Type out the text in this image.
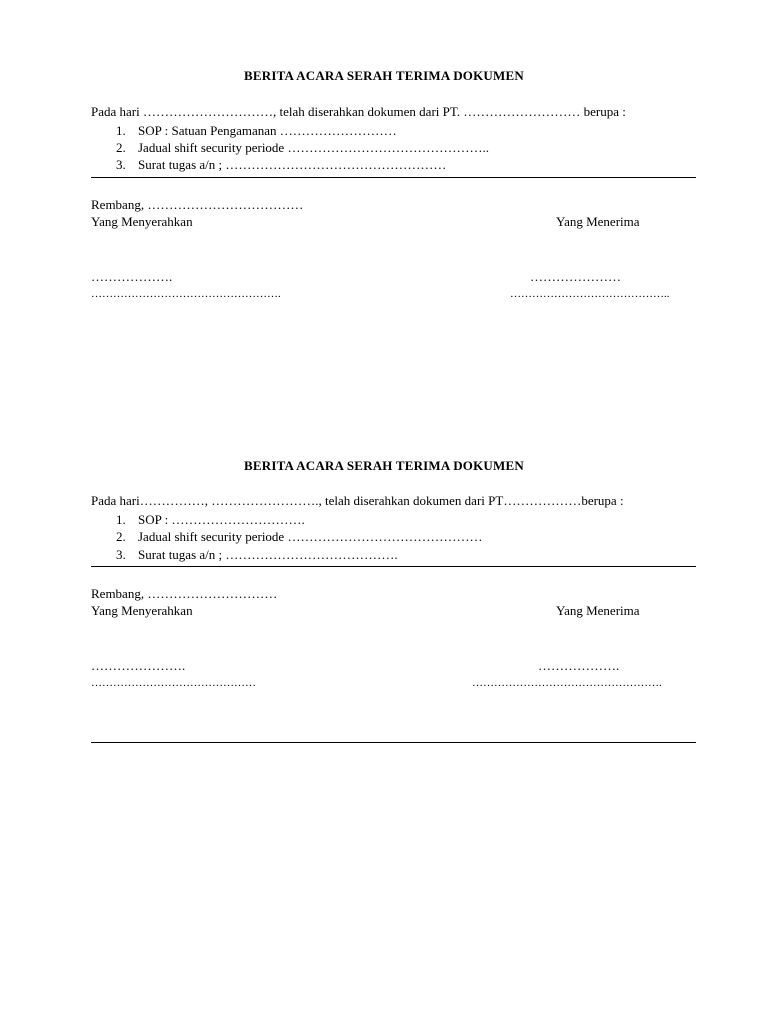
BERITA ACARA SERAH TERIMA DOKUMEN
Pada hari …………………………, telah diserahkan dokumen dari PT. ……………………… berupa :
1. SOP : Satuan Pengamanan ………………………
2. Jadual shift security periode ………………………………………..
3. Surat tugas a/n ; ……………………………………………
Rembang, ………………………………
Yang Menyerahkan	Yang Menerima
……………….
…………………………………………….
…………………
……………………………………..
BERITA ACARA SERAH TERIMA DOKUMEN
Pada hari……………, ……………………., telah diserahkan dokumen dari PT………………berupa :
1. SOP : ………………………….
2. Jadual shift security periode ………………………………………
3. Surat tugas a/n ; ………………………………….
Rembang, …………………………
Yang Menyerahkan	Yang Menerima
………………….
………………………………………
……………….
…………………………………………….
